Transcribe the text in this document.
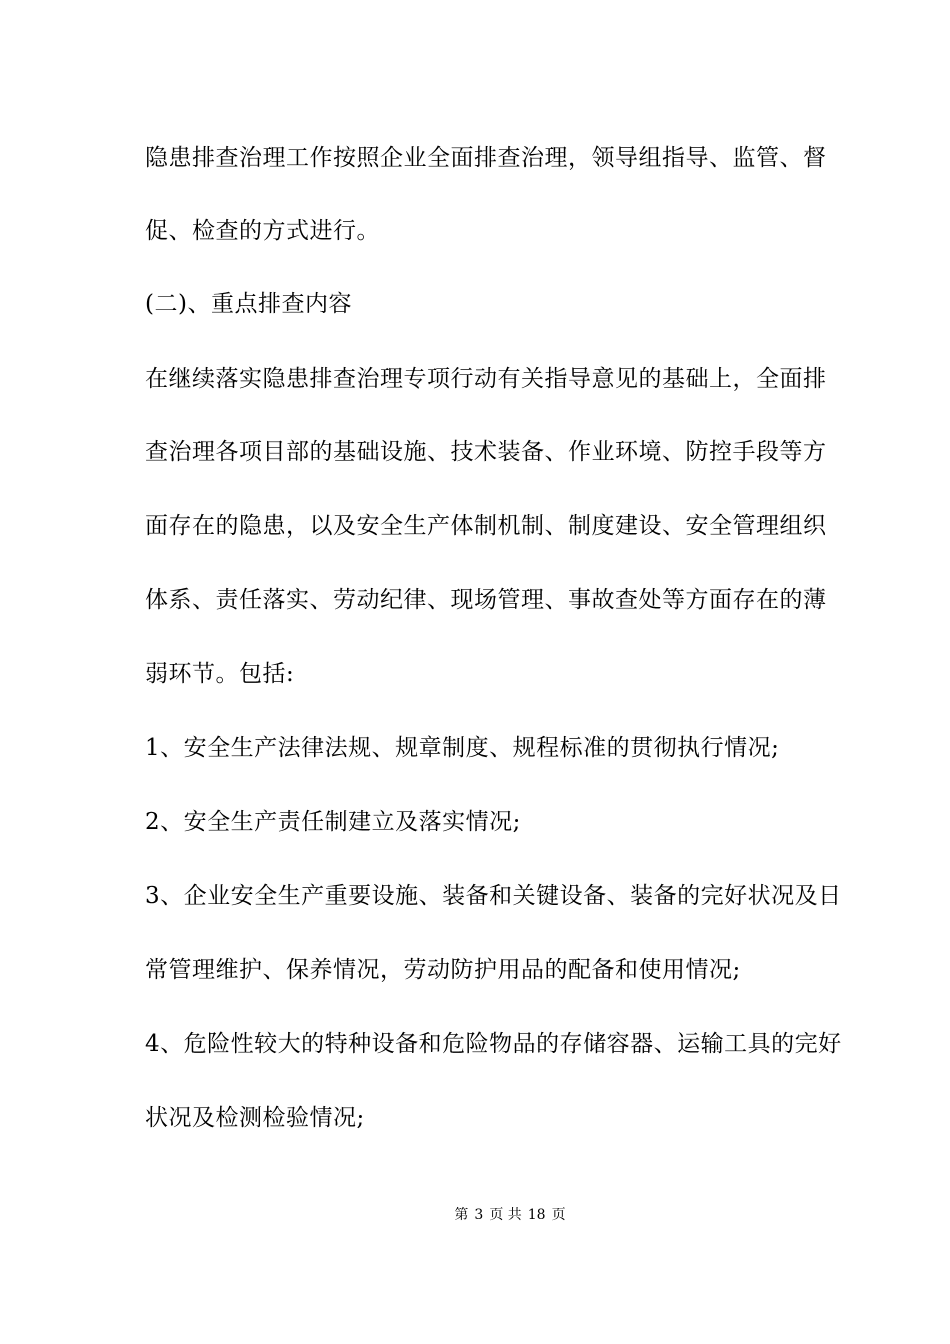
隐患排查治理工作按照企业全面排查治理，领导组指导、监管、督
促、检查的方式进行。
(二)、重点排查内容
在继续落实隐患排查治理专项行动有关指导意见的基础上，全面排
查治理各项目部的基础设施、技术装备、作业环境、防控手段等方
面存在的隐患，以及安全生产体制机制、制度建设、安全管理组织
体系、责任落实、劳动纪律、现场管理、事故查处等方面存在的薄
弱环节。包括:
1、安全生产法律法规、规章制度、规程标准的贯彻执行情况;
2、安全生产责任制建立及落实情况;
3、企业安全生产重要设施、装备和关键设备、装备的完好状况及日
常管理维护、保养情况，劳动防护用品的配备和使用情况;
4、危险性较大的特种设备和危险物品的存储容器、运输工具的完好
状况及检测检验情况;
第 3 页 共 18 页
